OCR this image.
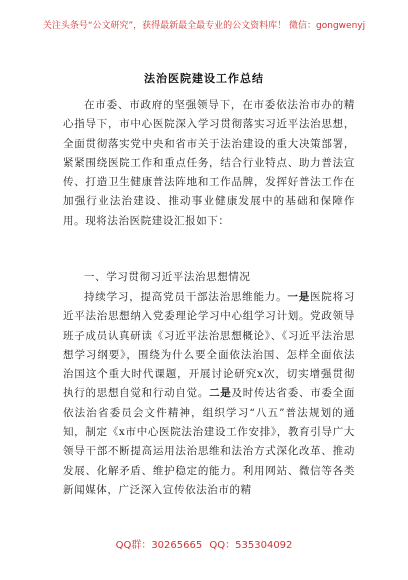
关注头条号“公文研究”，获得最新最全最专业的公文资料库！ 微信：gongwenyj
法治医院建设工作总结

在市委、市政府的坚强领导下，在市委依法治市办的精心指导下，市中心医院深入学习贯彻落实习近平法治思想，全面贯彻落实党中央和省市关于法治建设的重大决策部署，紧紧围绕医院工作和重点任务，结合行业特点、助力普法宣传、打造卫生健康普法阵地和工作品牌，发挥好普法工作在加强行业法治建设、推动事业健康发展中的基础和保障作用。现将法治医院建设汇报如下：

一、学习贯彻习近平法治思想情况

持续学习，提高党员干部法治思维能力。一是医院将习近平法治思想纳入党委理论学习中心组学习计划。党政领导班子成员认真研读《习近平法治思想概论》、《习近平法治思想学习纲要》，围绕为什么要全面依法治国、怎样全面依法治国这个重大时代课题，开展讨论研究x次，切实增强贯彻执行的思想自觉和行动自觉。二是及时传达省委、市委全面依法治省委员会文件精神，组织学习“八五”普法规划的通知，制定《x市中心医院法治建设工作安排》，教育引导广大领导干部不断提高运用法治思维和法治方式深化改革、推动发展、化解矛盾、维护稳定的能力。利用网站、微信等各类新闻媒体，广泛深入宣传依法治市的精

QQ群：30265665 QQ：535304092
